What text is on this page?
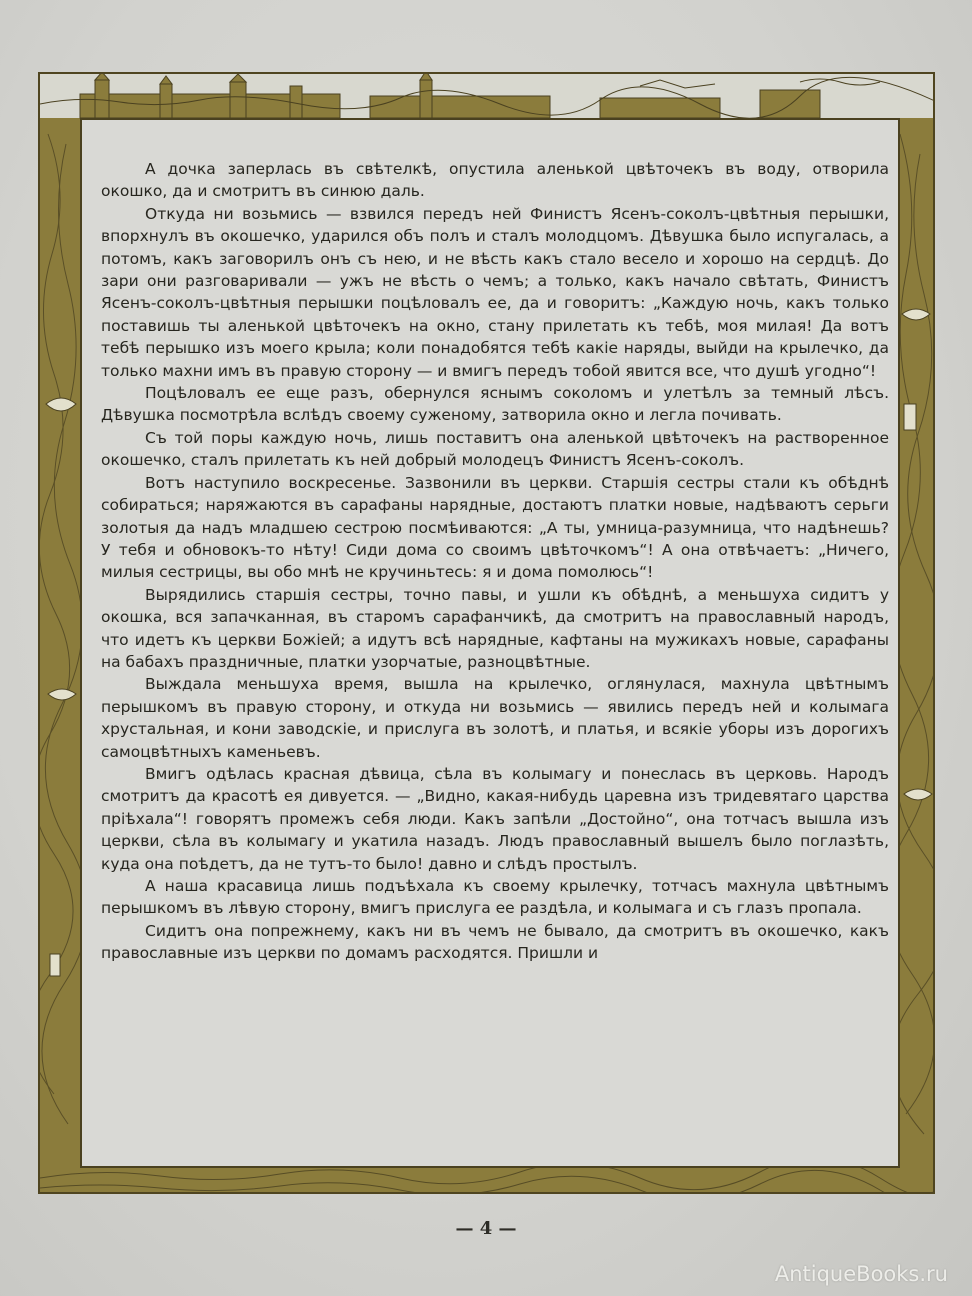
А дочка заперлась въ свѣтелкѣ, опустила аленькой цвѣточекъ въ воду, отворила окошко, да и смотритъ въ синюю даль.

Откуда ни возьмись — взвился передъ ней Финистъ Ясенъ-соколъ-цвѣтныя перышки, впорхнулъ въ окошечко, ударился объ полъ и сталъ молодцомъ. Дѣвушка было испугалась, а потомъ, какъ заговорилъ онъ съ нею, и не вѣсть какъ стало весело и хорошо на сердцѣ. До зари они разговаривали — ужъ не вѣсть о чемъ; а только, какъ начало свѣтать, Финистъ Ясенъ-соколъ-цвѣтныя перышки поцѣловалъ ее, да и говоритъ: „Каждую ночь, какъ только поставишь ты аленькой цвѣточекъ на окно, стану прилетать къ тебѣ, моя милая! Да вотъ тебѣ перышко изъ моего крыла; коли понадобятся тебѣ какіе наряды, выйди на крылечко, да только махни имъ въ правую сторону — и вмигъ передъ тобой явится все, что душѣ угодно“!

Поцѣловалъ ее еще разъ, обернулся яснымъ соколомъ и улетѣлъ за темный лѣсъ. Дѣвушка посмотрѣла вслѣдъ своему суженому, затворила окно и легла почивать.

Съ той поры каждую ночь, лишь поставитъ она аленькой цвѣточекъ на растворенное окошечко, сталъ прилетать къ ней добрый молодецъ Финистъ Ясенъ-соколъ.

Вотъ наступило воскресенье. Зазвонили въ церкви. Старшія сестры стали къ обѣднѣ собираться; наряжаются въ сарафаны нарядные, достаютъ платки новые, надѣваютъ серьги золотыя да надъ младшею сестрою посмѣиваются: „А ты, умница-разумница, что надѣнешь? У тебя и обновокъ-то нѣту! Сиди дома со своимъ цвѣточкомъ“! А она отвѣчаетъ: „Ничего, милыя сестрицы, вы обо мнѣ не кручиньтесь: я и дома помолюсь“!

Вырядились старшія сестры, точно павы, и ушли къ обѣднѣ, а меньшуха сидитъ у окошка, вся запачканная, въ старомъ сарафанчикѣ, да смотритъ на православный народъ, что идетъ къ церкви Божіей; а идутъ всѣ нарядные, кафтаны на мужикахъ новые, сарафаны на бабахъ праздничные, платки узорчатые, разноцвѣтные.

Выждала меньшуха время, вышла на крылечко, оглянулася, махнула цвѣтнымъ перышкомъ въ правую сторону, и откуда ни возьмись — явились передъ ней и колымага хрустальная, и кони заводскіе, и прислуга въ золотѣ, и платья, и всякіе уборы изъ дорогихъ самоцвѣтныхъ каменьевъ.

Вмигъ одѣлась красная дѣвица, сѣла въ колымагу и понеслась въ церковь. Народъ смотритъ да красотѣ ея дивуется. — „Видно, какая-нибудь царевна изъ тридевятаго царства пріѣхала“! говорятъ промежъ себя люди. Какъ запѣли „Достойно“, она тотчасъ вышла изъ церкви, сѣла въ колымагу и укатила назадъ. Людъ православный вышелъ было поглазѣть, куда она поѣдетъ, да не тутъ-то было! давно и слѣдъ простылъ.

А наша красавица лишь подъѣхала къ своему крылечку, тотчасъ махнула цвѣтнымъ перышкомъ въ лѣвую сторону, вмигъ прислуга ее раздѣла, и колымага и съ глазъ пропала.

Сидитъ она попрежнему, какъ ни въ чемъ не бывало, да смотритъ въ окошечко, какъ православные изъ церкви по домамъ расходятся. Пришли и

— 4 —
AntiqueBooks.ru
